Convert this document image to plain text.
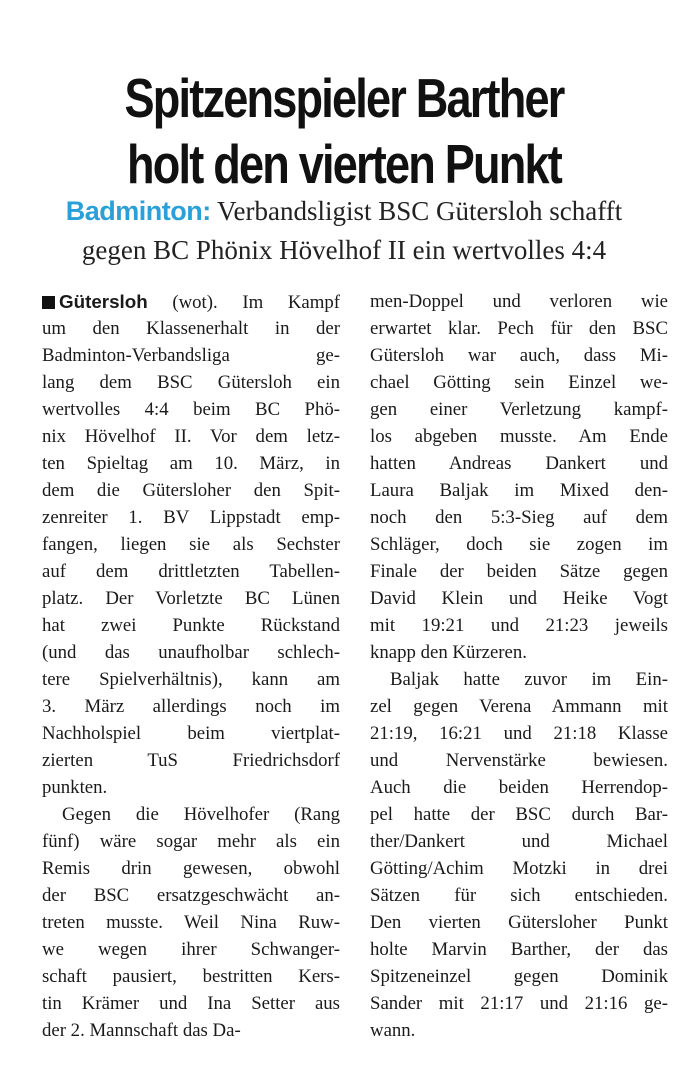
Spitzenspieler Barther
holt den vierten Punkt
Badminton: Verbandsligist BSC Gütersloh schafft
gegen BC Phönix Hövelhof II ein wertvolles 4:4
Gütersloh (wot). Im Kampf
um den Klassenerhalt in der
Badminton-Verbandsliga ge-
lang dem BSC Gütersloh ein
wertvolles 4:4 beim BC Phö-
nix Hövelhof II. Vor dem letz-
ten Spieltag am 10. März, in
dem die Gütersloher den Spit-
zenreiter 1. BV Lippstadt emp-
fangen, liegen sie als Sechster
auf dem drittletzten Tabellen-
platz. Der Vorletzte BC Lünen
hat zwei Punkte Rückstand
(und das unaufholbar schlech-
tere Spielverhältnis), kann am
3. März allerdings noch im
Nachholspiel beim viertplat-
zierten TuS Friedrichsdorf
punkten.
Gegen die Hövelhofer (Rang
fünf) wäre sogar mehr als ein
Remis drin gewesen, obwohl
der BSC ersatzgeschwächt an-
treten musste. Weil Nina Ruw-
we wegen ihrer Schwanger-
schaft pausiert, bestritten Kers-
tin Krämer und Ina Setter aus
der 2. Mannschaft das Da-
men-Doppel und verloren wie
erwartet klar. Pech für den BSC
Gütersloh war auch, dass Mi-
chael Götting sein Einzel we-
gen einer Verletzung kampf-
los abgeben musste. Am Ende
hatten Andreas Dankert und
Laura Baljak im Mixed den-
noch den 5:3-Sieg auf dem
Schläger, doch sie zogen im
Finale der beiden Sätze gegen
David Klein und Heike Vogt
mit 19:21 und 21:23 jeweils
knapp den Kürzeren.
Baljak hatte zuvor im Ein-
zel gegen Verena Ammann mit
21:19, 16:21 und 21:18 Klasse
und Nervenstärke bewiesen.
Auch die beiden Herrendop-
pel hatte der BSC durch Bar-
ther/Dankert und Michael
Götting/Achim Motzki in drei
Sätzen für sich entschieden.
Den vierten Gütersloher Punkt
holte Marvin Barther, der das
Spitzeneinzel gegen Dominik
Sander mit 21:17 und 21:16 ge-
wann.
